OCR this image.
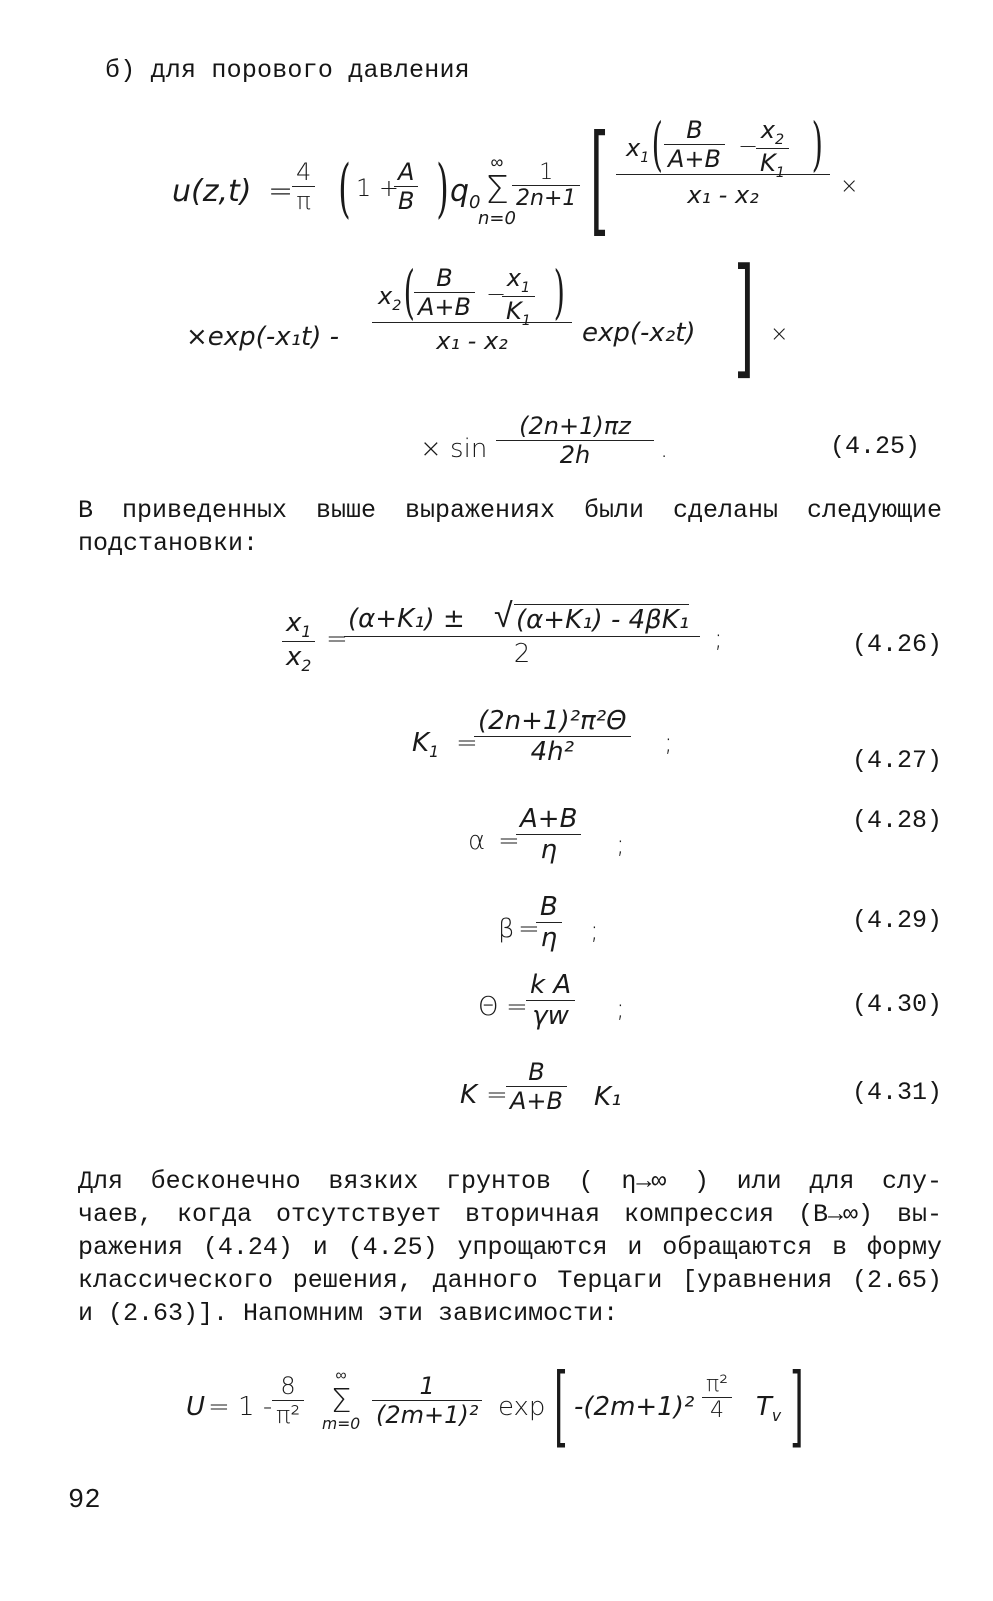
б) для порового давления
u(z,t) =
$\frac{4}{\pi}$ ( 1 +
$\frac{A}{B}$ ) $q_0$
∞
Σ
n=0
$\frac{1}{2n+1}$ [ $x_1$ ( $\frac{B}{A+B}$ −
$\frac{x_2}{K_1}$ )
x₁ - x₂	×
×exp(-x₁t) -
$x_2$ ( $\frac{B}{A+B}$ −
$\frac{x_1}{K_1}$ )
x₁ - x₂	exp(-x₂t) ] ×
× $\sin \frac{(2n+1)\pi z}{2h}$ .	(4.25)
В приведенных выше выражениях были сделаны следующие
подстановки:
$\frac{x_1}{x_2}$ =
$\frac{\text{(α+K₁) ± √ (α+K₁) - 4βK₁}}{2}$ ;	(4.26)
$K_1$ =
$\frac{\text{(2n+1)²π²Θ}}{\text{4h²}}$ ;
(4.27)
α =
$\frac{A+B}{\eta}$ ;
(4.28)
β =
$\frac{B}{\eta}$ ;	(4.29)
Θ =
$\frac{\text{k A}}{\gamma w}$ ;	(4.30)
K =
$\frac{B}{A+B} K_1$	(4.31)
Для бесконечно вязких грунтов ( η→∞ ) или для слу-
чаев, когда отсутствует вторичная компрессия (B→∞) вы-
ражения (4.24) и (4.25) упрощаются и обращаются в форму
классического решения, данного Терцаги [уравнения (2.65)
и (2.63)]. Напомним эти зависимости:
$U = 1 - \frac{8}{\text{π²}}$	∞
Σ
$m=0 \frac{1}{\text{(2m+1)²}}$ exp [ $-(2m+1)^2 \frac{\text{π²}}{4} T_v$ ]
92
